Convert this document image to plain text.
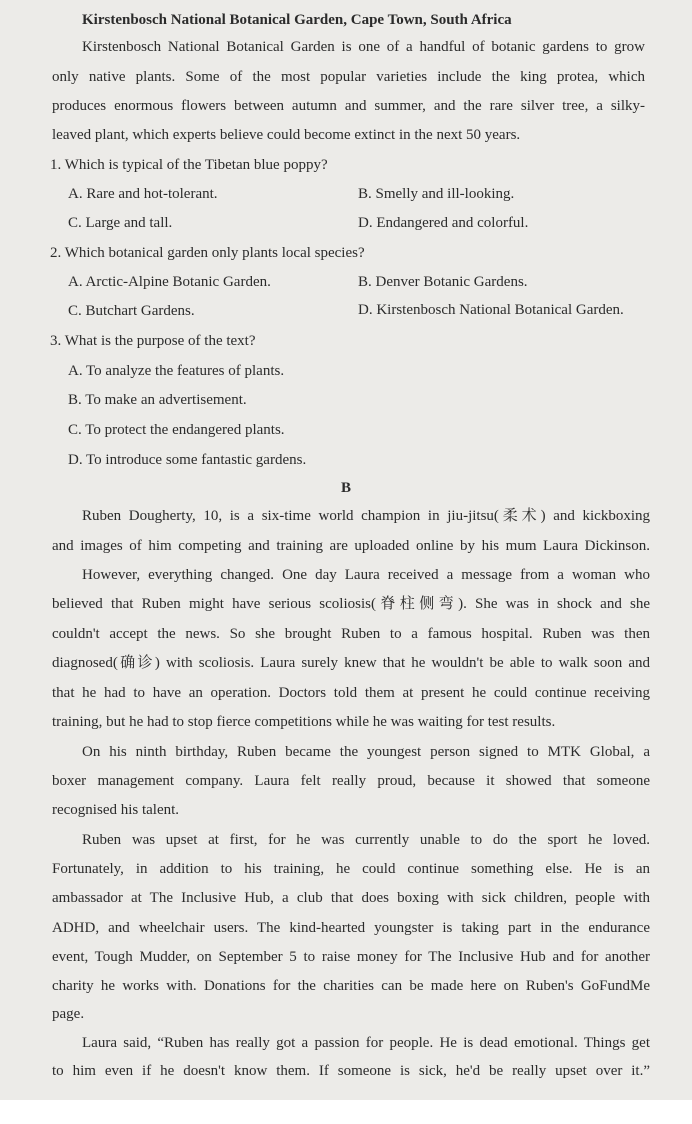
Kirstenbosch National Botanical Garden, Cape Town, South Africa
Kirstenbosch National Botanical Garden is one of a handful of botanic gardens to grow
only native plants. Some of the most popular varieties include the king protea, which
produces enormous flowers between autumn and summer, and the rare silver tree, a silky-
leaved plant, which experts believe could become extinct in the next 50 years.
1. Which is typical of the Tibetan blue poppy?
A. Rare and hot-tolerant.	B. Smelly and ill-looking.
C. Large and tall.	D. Endangered and colorful.
2. Which botanical garden only plants local species?
A. Arctic-Alpine Botanic Garden.	B. Denver Botanic Gardens.
C. Butchart Gardens.	D. Kirstenbosch National Botanical Garden.
3. What is the purpose of the text?
A. To analyze the features of plants.
B. To make an advertisement.
C. To protect the endangered plants.
D. To introduce some fantastic gardens.
B
Ruben Dougherty, 10, is a six-time world champion in jiu-jitsu(柔术) and kickboxing
and images of him competing and training are uploaded online by his mum Laura Dickinson.
However, everything changed. One day Laura received a message from a woman who
believed that Ruben might have serious scoliosis(脊柱侧弯). She was in shock and she
couldn't accept the news. So she brought Ruben to a famous hospital. Ruben was then
diagnosed(确诊) with scoliosis. Laura surely knew that he wouldn't be able to walk soon and
that he had to have an operation. Doctors told them at present he could continue receiving
training, but he had to stop fierce competitions while he was waiting for test results.
On his ninth birthday, Ruben became the youngest person signed to MTK Global, a
boxer management company. Laura felt really proud, because it showed that someone
recognised his talent.
Ruben was upset at first, for he was currently unable to do the sport he loved.
Fortunately, in addition to his training, he could continue something else. He is an
ambassador at The Inclusive Hub, a club that does boxing with sick children, people with
ADHD, and wheelchair users. The kind-hearted youngster is taking part in the endurance
event, Tough Mudder, on September 5 to raise money for The Inclusive Hub and for another
charity he works with. Donations for the charities can be made here on Ruben's GoFundMe
page.
Laura said, “Ruben has really got a passion for people. He is dead emotional. Things get
to him even if he doesn't know them. If someone is sick, he'd be really upset over it.”
